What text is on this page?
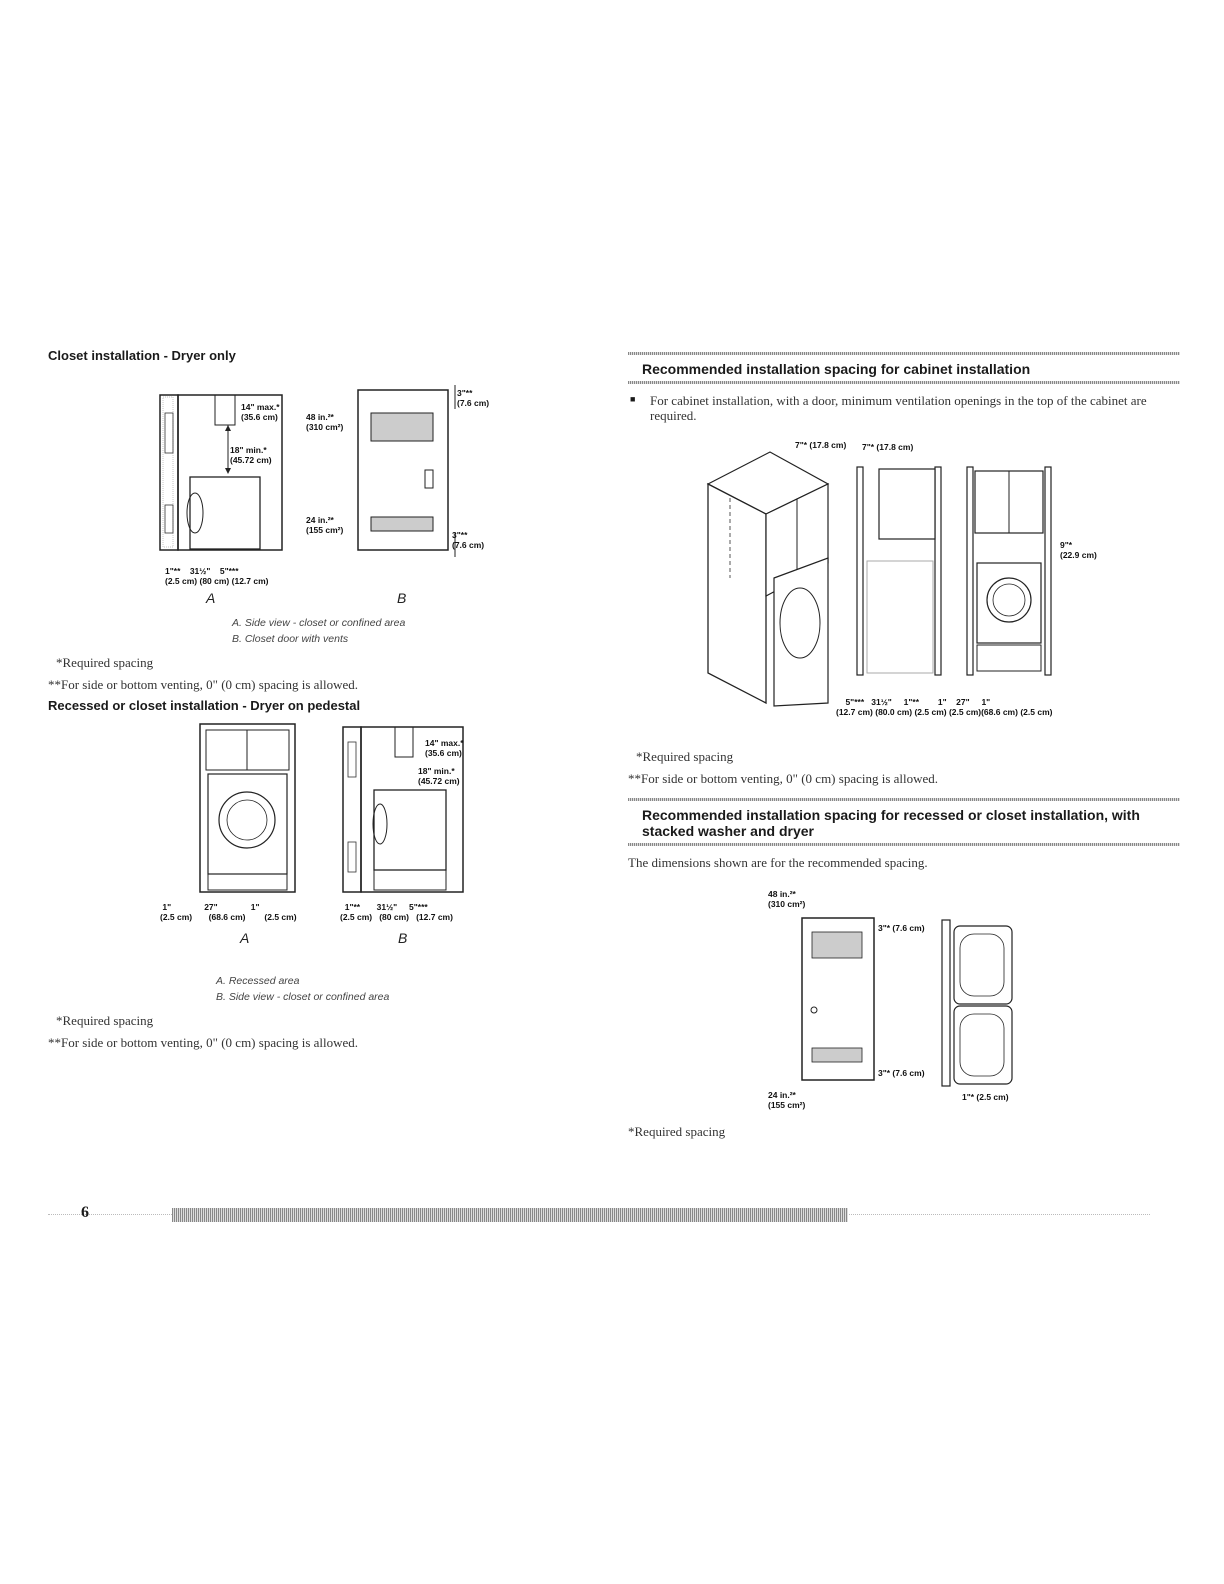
Closet installation - Dryer only
14" max.*
(35.6 cm)
18" min.*
(45.72 cm)
1"** 31½" 5"***
(2.5 cm) (80 cm) (12.7 cm)
48 in.²*
(310 cm²)
24 in.²*
(155 cm²)
3"**
(7.6 cm)
3"**
(7.6 cm)
A	B
A. Side view - closet or confined area
B. Closet door with vents
*Required spacing
**For side or bottom venting, 0" (0 cm) spacing is allowed.
Recessed or closet installation - Dryer on pedestal
1"	27"	1"
(2.5 cm) (68.6 cm) (2.5 cm)
14" max.*
(35.6 cm)
18" min.*
(45.72 cm)
1"** 31½" 5"***
(2.5 cm) (80 cm) (12.7 cm)
A	B
A. Recessed area
B. Side view - closet or confined area
*Required spacing
**For side or bottom venting, 0" (0 cm) spacing is allowed.
6
Recommended installation spacing for cabinet installation
■ For cabinet installation, with a door, minimum ventilation openings in the top of the cabinet are required.
7"* (17.8 cm) 7"* (17.8 cm)
9"*
(22.9 cm)
5"*** 31½" 1"** 1" 27" 1"
(12.7 cm) (80.0 cm) (2.5 cm) (2.5 cm)(68.6 cm) (2.5 cm)
*Required spacing
**For side or bottom venting, 0" (0 cm) spacing is allowed.
Recommended installation spacing for recessed or closet installation, with stacked washer and dryer
The dimensions shown are for the recommended spacing.
48 in.²*
(310 cm²)
3"* (7.6 cm)
3"* (7.6 cm)
24 in.²*
(155 cm²)
1"* (2.5 cm)
*Required spacing
